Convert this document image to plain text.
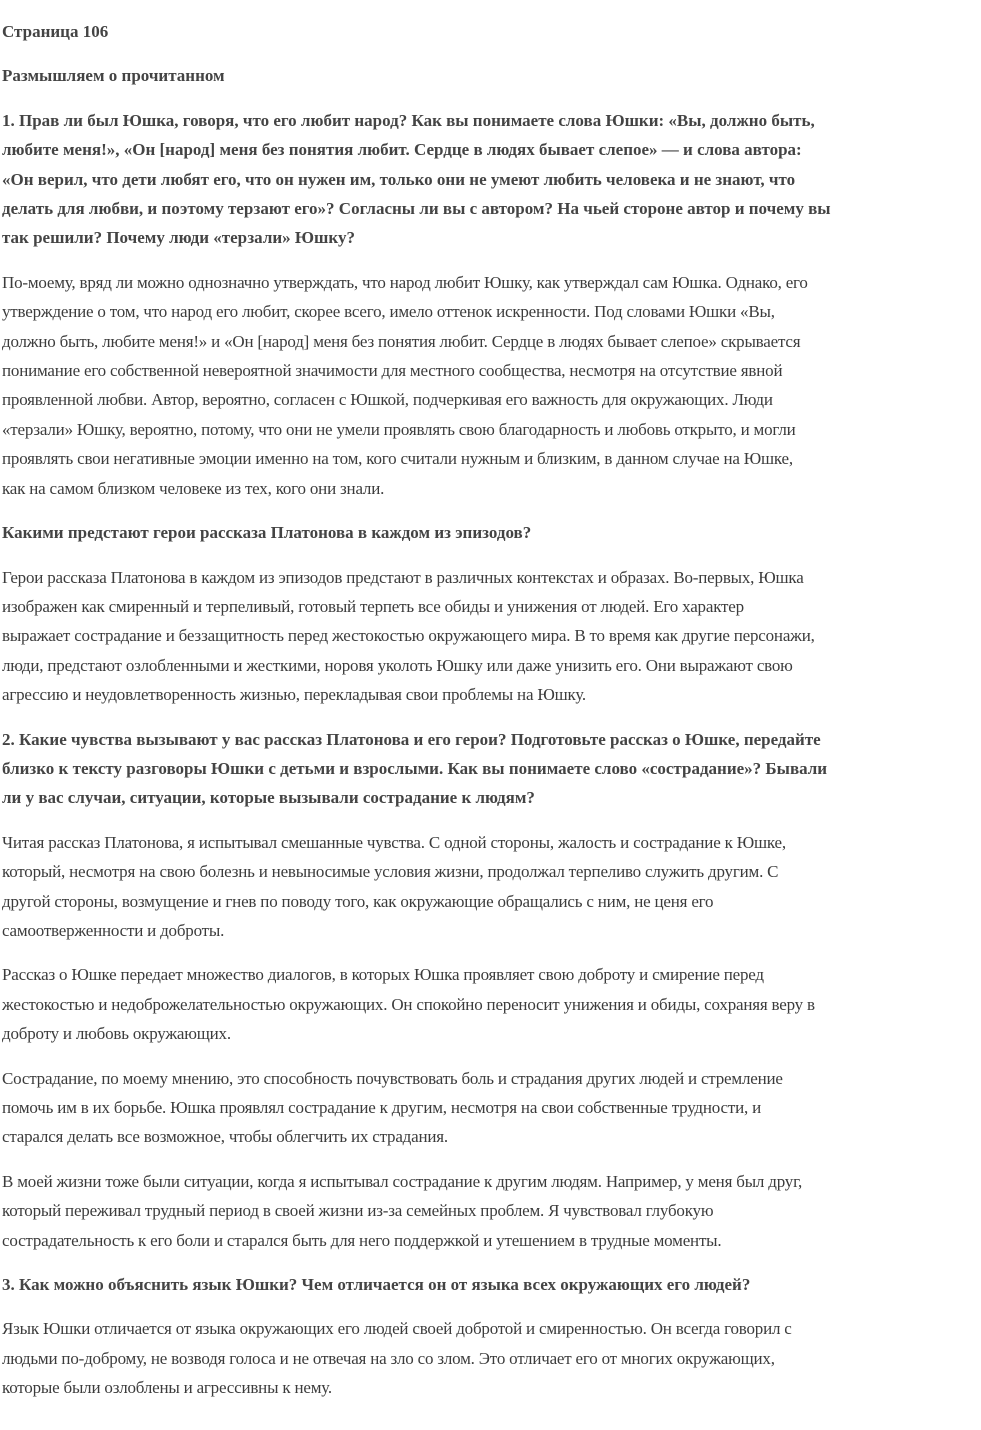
Страница 106
Размышляем о прочитанном
1. Прав ли был Юшка, говоря, что его любит народ? Как вы понимаете слова Юшки: «Вы, должно быть,
любите меня!», «Он [народ] меня без понятия любит. Сердце в людях бывает слепое» — и слова автора:
«Он верил, что дети любят его, что он нужен им, только они не умеют любить человека и не знают, что
делать для любви, и поэтому терзают его»? Согласны ли вы с автором? На чьей стороне автор и почему вы
так решили? Почему люди «терзали» Юшку?
По-моему, вряд ли можно однозначно утверждать, что народ любит Юшку, как утверждал сам Юшка. Однако, его
утверждение о том, что народ его любит, скорее всего, имело оттенок искренности. Под словами Юшки «Вы,
должно быть, любите меня!» и «Он [народ] меня без понятия любит. Сердце в людях бывает слепое» скрывается
понимание его собственной невероятной значимости для местного сообщества, несмотря на отсутствие явной
проявленной любви. Автор, вероятно, согласен с Юшкой, подчеркивая его важность для окружающих. Люди
«терзали» Юшку, вероятно, потому, что они не умели проявлять свою благодарность и любовь открыто, и могли
проявлять свои негативные эмоции именно на том, кого считали нужным и близким, в данном случае на Юшке,
как на самом близком человеке из тех, кого они знали.
Какими предстают герои рассказа Платонова в каждом из эпизодов?
Герои рассказа Платонова в каждом из эпизодов предстают в различных контекстах и образах. Во-первых, Юшка
изображен как смиренный и терпеливый, готовый терпеть все обиды и унижения от людей. Его характер
выражает сострадание и беззащитность перед жестокостью окружающего мира. В то время как другие персонажи,
люди, предстают озлобленными и жесткими, норовя уколоть Юшку или даже унизить его. Они выражают свою
агрессию и неудовлетворенность жизнью, перекладывая свои проблемы на Юшку.
2. Какие чувства вызывают у вас рассказ Платонова и его герои? Подготовьте рассказ о Юшке, передайте
близко к тексту разговоры Юшки с детьми и взрослыми. Как вы понимаете слово «сострадание»? Бывали
ли у вас случаи, ситуации, которые вызывали сострадание к людям?
Читая рассказ Платонова, я испытывал смешанные чувства. С одной стороны, жалость и сострадание к Юшке,
который, несмотря на свою болезнь и невыносимые условия жизни, продолжал терпеливо служить другим. С
другой стороны, возмущение и гнев по поводу того, как окружающие обращались с ним, не ценя его
самоотверженности и доброты.
Рассказ о Юшке передает множество диалогов, в которых Юшка проявляет свою доброту и смирение перед
жестокостью и недоброжелательностью окружающих. Он спокойно переносит унижения и обиды, сохраняя веру в
доброту и любовь окружающих.
Сострадание, по моему мнению, это способность почувствовать боль и страдания других людей и стремление
помочь им в их борьбе. Юшка проявлял сострадание к другим, несмотря на свои собственные трудности, и
старался делать все возможное, чтобы облегчить их страдания.
В моей жизни тоже были ситуации, когда я испытывал сострадание к другим людям. Например, у меня был друг,
который переживал трудный период в своей жизни из-за семейных проблем. Я чувствовал глубокую
сострадательность к его боли и старался быть для него поддержкой и утешением в трудные моменты.
3. Как можно объяснить язык Юшки? Чем отличается он от языка всех окружающих его людей?
Язык Юшки отличается от языка окружающих его людей своей добротой и смиренностью. Он всегда говорил с
людьми по-доброму, не возводя голоса и не отвечая на зло со злом. Это отличает его от многих окружающих,
которые были озлоблены и агрессивны к нему.
